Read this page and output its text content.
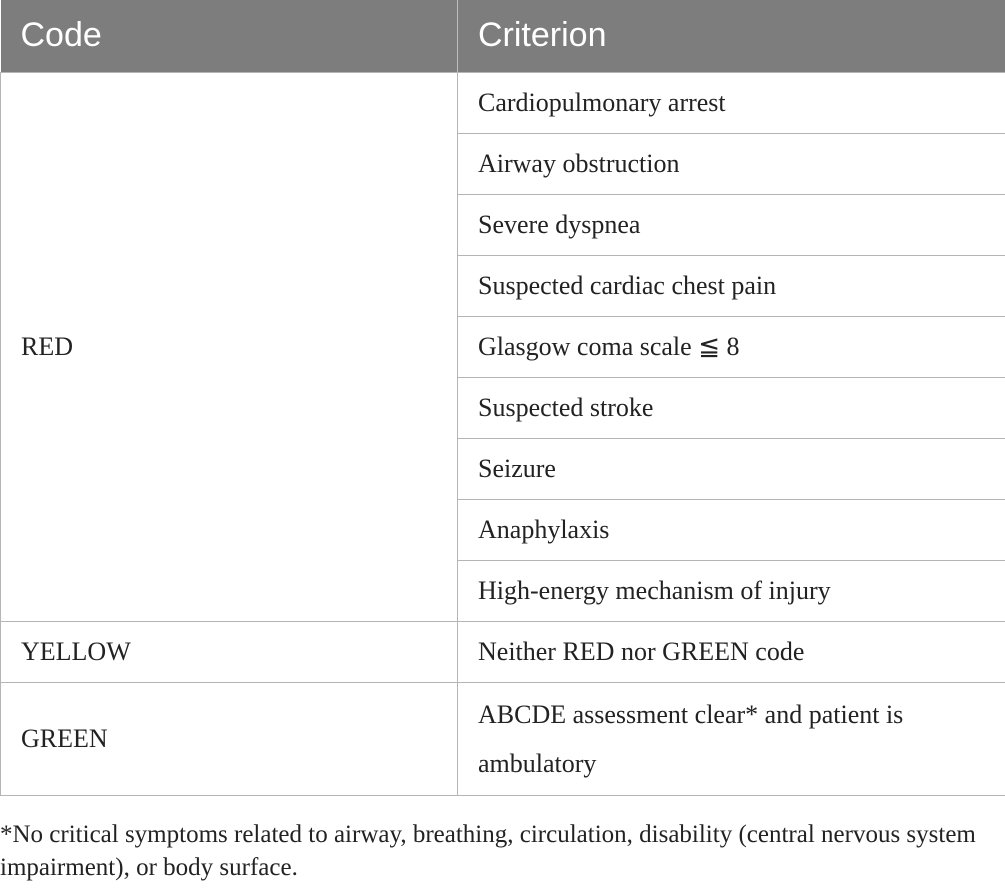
Code	Criterion
RED	Cardiopulmonary arrest
	Airway obstruction
	Severe dyspnea
	Suspected cardiac chest pain
	Glasgow coma scale ≦ 8
	Suspected stroke
	Seizure
	Anaphylaxis
	High-energy mechanism of injury
YELLOW	Neither RED nor GREEN code
GREEN	ABCDE assessment clear* and patient is ambulatory

*No critical symptoms related to airway, breathing, circulation, disability (central nervous system impairment), or body surface.
